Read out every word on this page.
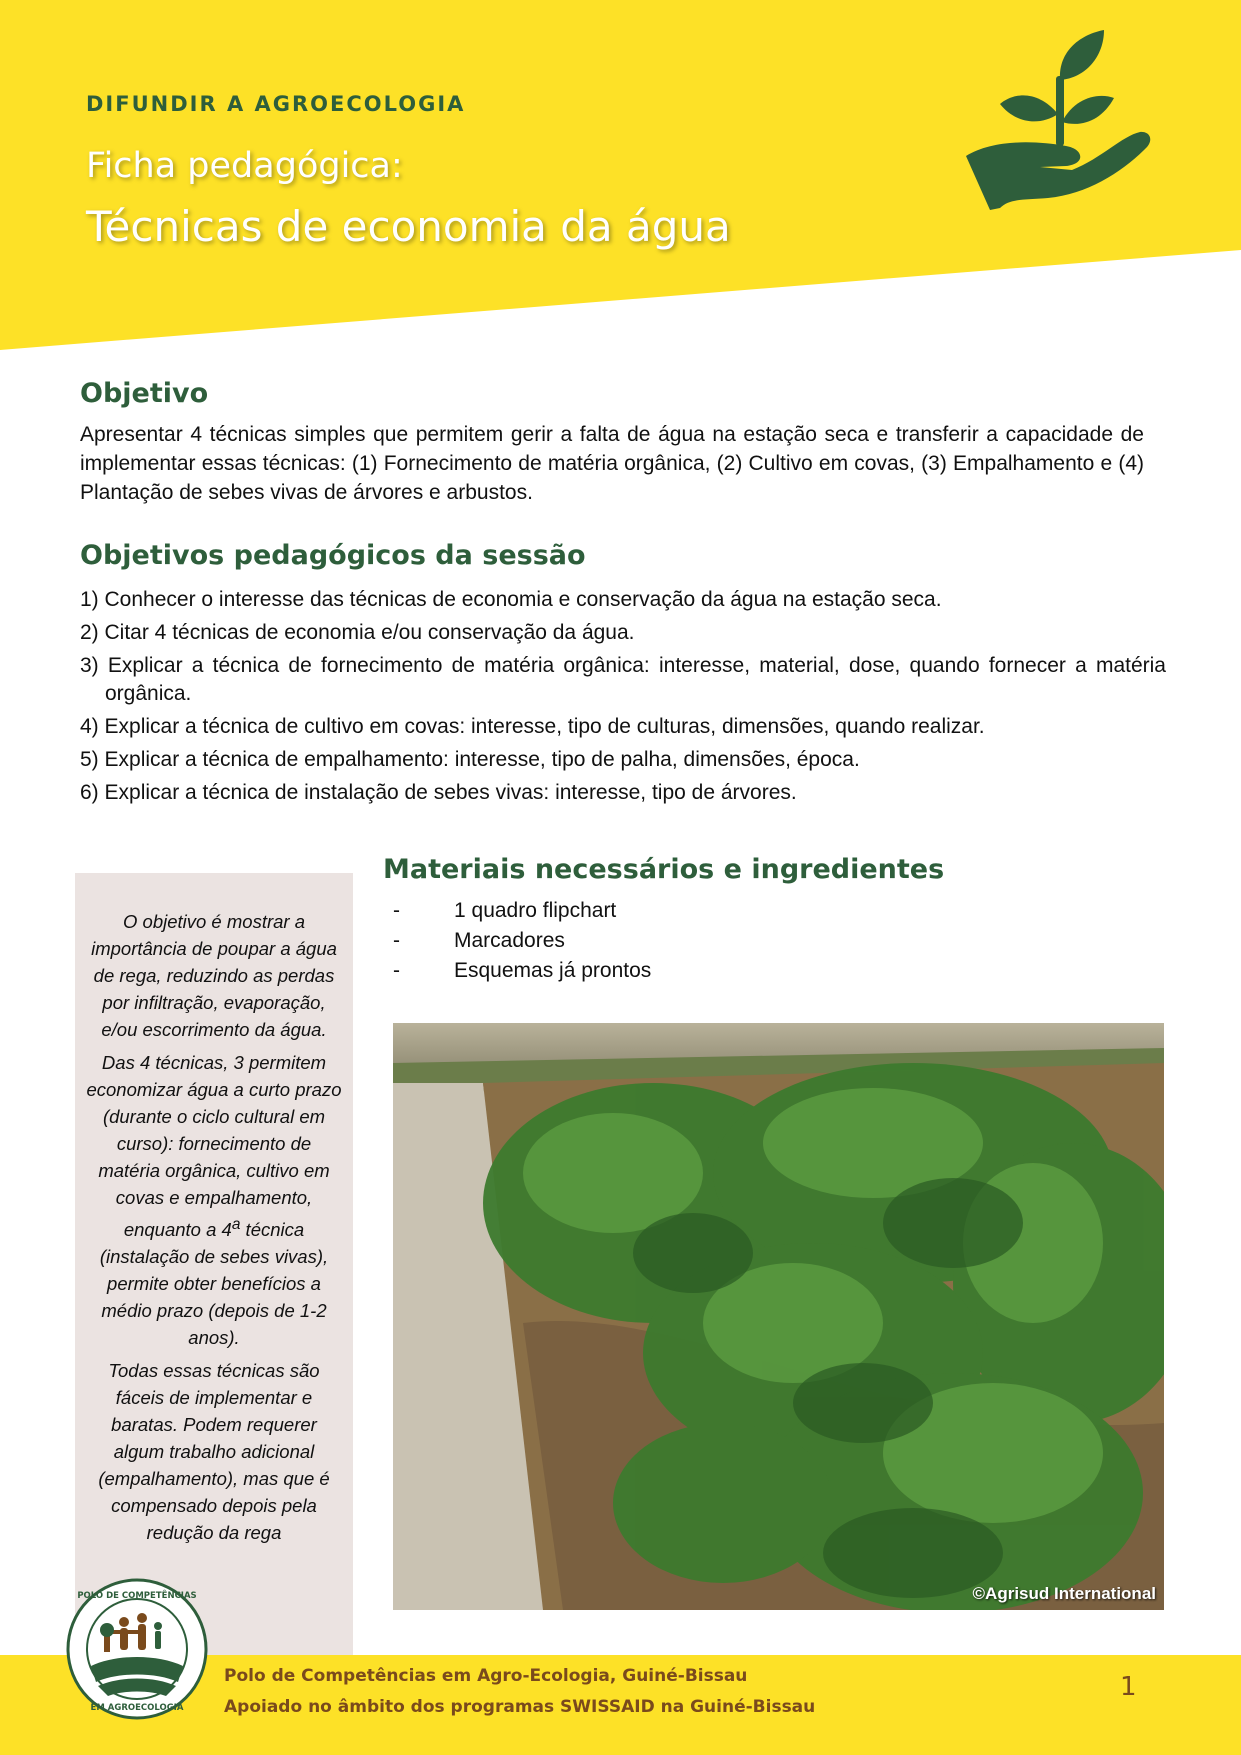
DIFUNDIR A AGROECOLOGIA
Ficha pedagógica:
Técnicas de economia da água
Objetivo

Apresentar 4 técnicas simples que permitem gerir a falta de água na estação seca e transferir a capacidade de implementar essas técnicas: (1) Fornecimento de matéria orgânica, (2) Cultivo em covas, (3) Empalhamento e (4) Plantação de sebes vivas de árvores e arbustos.

Objetivos pedagógicos da sessão
1) Conhecer o interesse das técnicas de economia e conservação da água na estação seca.
2) Citar 4 técnicas de economia e/ou conservação da água.
3) Explicar a técnica de fornecimento de matéria orgânica: interesse, material, dose, quando fornecer a matéria orgânica.
4) Explicar a técnica de cultivo em covas: interesse, tipo de culturas, dimensões, quando realizar.
5) Explicar a técnica de empalhamento: interesse, tipo de palha, dimensões, época.
6) Explicar a técnica de instalação de sebes vivas: interesse, tipo de árvores.

O objetivo é mostrar a importância de poupar a água de rega, reduzindo as perdas por infiltração, evaporação, e/ou escorrimento da água.

Das 4 técnicas, 3 permitem economizar água a curto prazo (durante o ciclo cultural em curso): fornecimento de matéria orgânica, cultivo em covas e empalhamento, enquanto a 4$^a$ técnica (instalação de sebes vivas), permite obter benefícios a médio prazo (depois de 1-2 anos).

Todas essas técnicas são fáceis de implementar e baratas. Podem requerer algum trabalho adicional (empalhamento), mas que é compensado depois pela redução da rega

Materiais necessários e ingredientes
-	1 quadro flipchart
-	Marcadores
-	Esquemas já prontos
©Agrisud International
Polo de Competências em Agro-Ecologia, Guiné-Bissau
Apoiado no âmbito dos programas SWISSAID na Guiné-Bissau
1
POLO DE COMPETÊNCIAS
EM AGROECOLOGIA
